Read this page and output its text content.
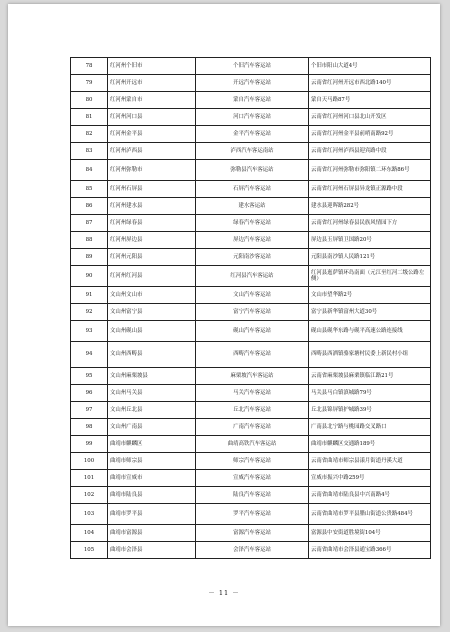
78	红河州个旧市	个旧汽车客运站	个旧市阳山大道4号
79	红河州开远市	开远汽车客运站	云南省红河州开远市西北路140号
80	红河州蒙自市	蒙自汽车客运站	蒙自天马路87号
81	红河州河口县	河口汽车客运站	云南省红河州河口县北山开发区
82	红河州金平县	金平汽车客运站	云南省红河州金平县前哨南路92号
83	红河州泸西县	泸西汽车客运南站	云南省红河州泸西县迎宾路中段
84	红河州弥勒市	弥勒县汽车客运站	云南省红河州弥勒市弥阳镇二环东路86号
85	红河州石屏县	石屏汽车客运站	云南省红河州石屏县异龙镇正源路中段
86	红河州建水县	建水客运站	建水县迎晖路282号
87	红河州绿春县	绿春汽车客运站	云南省红河州绿春县民族风情园下方
88	红河州屏边县	屏边汽车客运站	屏边县玉屏镇卫国路20号
89	红河州元阳县	元阳南沙客运站	元阳县南沙镇人民路121号
90	红河州红河县	红河县汽车客运站	红河县迤萨镇环岛南面（元江至红河二级公路左侧）
91	文山州文山市	文山汽车客运站	文山市望华路2号
92	文山州富宁县	富宁汽车客运站	富宁县新华镇富州大道30号
93	文山州砚山县	砚山汽车客运站	砚山县砚华东路与砚平高速公路连接线
94	文山州西畴县	西畴汽车客运站	西畴县西洒镇骆家塘村民委上新民村小组
95	文山州麻栗坡县	麻栗坡汽车客运站	云南省麻栗坡县麻栗镇临江路21号
96	文山州马关县	马关汽车客运站	马关县马白镇滇城路79号
97	文山州丘北县	丘北汽车客运站	丘北县锦屏镇护城路39号
98	文山州广南县	广南汽车客运站	广南县北宁路与桃园路交叉路口
99	曲靖市麒麟区	曲靖高铁汽车客运站	曲靖市麒麟区交通路189号
100	曲靖市师宗县	师宗汽车客运站	云南省曲靖市师宗县漾月街道丹溪大道
101	曲靖市宣威市	宣威汽车客运站	宣威市振兴中路259号
102	曲靖市陆良县	陆良汽车客运站	云南省曲靖市陆良县中兴南路4号
103	曲靖市罗平县	罗平汽车客运站	云南省曲靖市罗平县腊山街道公贵路484号
104	曲靖市富源县	富源汽车客运站	富源县中安街道胜境街104号
105	曲靖市会泽县	会泽汽车客运站	云南省曲靖市会泽县通宝路366号
－ 11 －
